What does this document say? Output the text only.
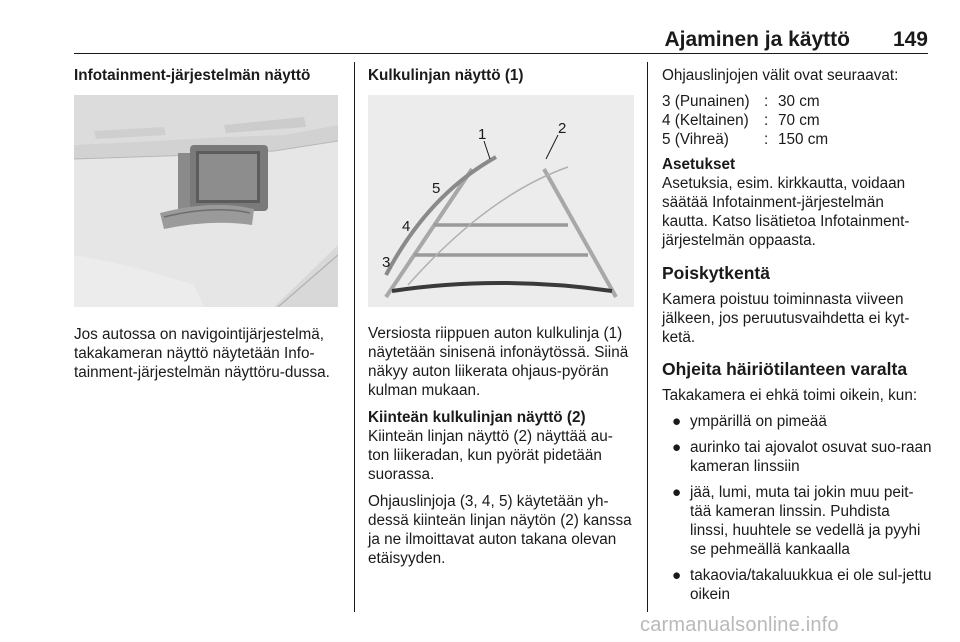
Ajaminen ja käyttö 149

Infotainment-järjestelmän näyttö

Jos autossa on navigointijärjestelmä, takakameran näyttö näytetään Info-tainment-järjestelmän näyttöru-dussa.

Kulkulinjan näyttö (1)

1	2
3
4
5

Versiosta riippuen auton kulkulinja (1) näytetään sinisenä infonäytössä. Siinä näkyy auton liikerata ohjaus-pyörän kulman mukaan.

Kiinteän kulkulinjan näyttö (2)

Kiinteän linjan näyttö (2) näyttää au-ton liikeradan, kun pyörät pidetään suorassa.

Ohjauslinjoja (3, 4, 5) käytetään yh-dessä kiinteän linjan näytön (2) kanssa ja ne ilmoittavat auton takana olevan etäisyyden.

Ohjauslinjojen välit ovat seuraavat:

3 (Punainen) : 30 cm
4 (Keltainen) : 70 cm
5 (Vihreä)	: 150 cm

Asetukset

Asetuksia, esim. kirkkautta, voidaan säätää Infotainment-järjestelmän kautta. Katso lisätietoa Infotainment-järjestelmän oppaasta.

Poiskytkentä

Kamera poistuu toiminnasta viiveen jälkeen, jos peruutusvaihdetta ei kyt-ketä.

Ohjeita häiriötilanteen varalta

Takakamera ei ehkä toimi oikein, kun:

● ympärillä on pimeää
● aurinko tai ajovalot osuvat suo-raan kameran linssiin
● jää, lumi, muta tai jokin muu peit-tää kameran linssin. Puhdista linssi, huuhtele se vedellä ja pyyhi se pehmeällä kankaalla
● takaovia/takaluukkua ei ole sul-jettu oikein
carmanualsonline.info
